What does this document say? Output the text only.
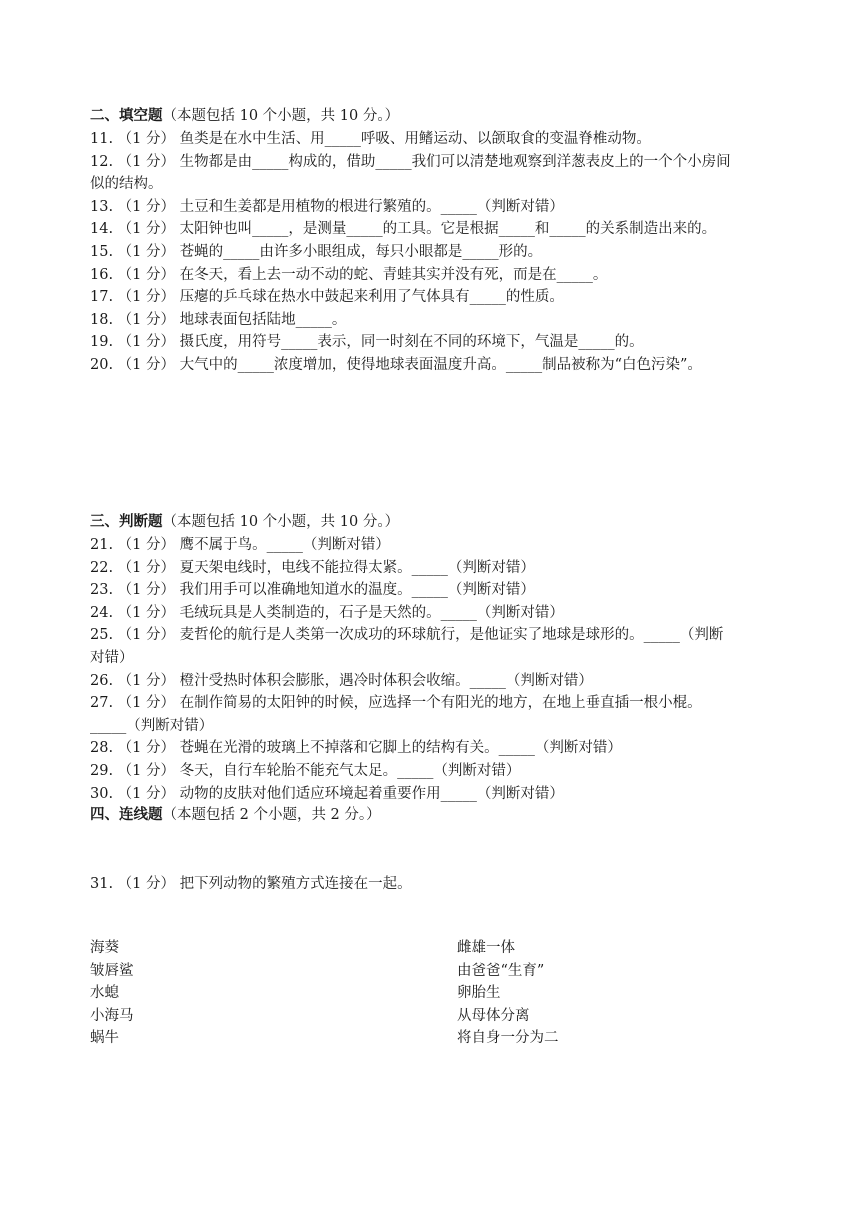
二、填空题（本题包括 10 个小题，共 10 分。）
11. （1 分） 鱼类是在水中生活、用_____呼吸、用鳍运动、以颌取食的变温脊椎动物。
12. （1 分） 生物都是由_____构成的，借助_____我们可以清楚地观察到洋葱表皮上的一个个小房间似的结构。
13. （1 分） 土豆和生姜都是用植物的根进行繁殖的。_____（判断对错）
14. （1 分） 太阳钟也叫_____，是测量_____的工具。它是根据_____和_____的关系制造出来的。
15. （1 分） 苍蝇的_____由许多小眼组成，每只小眼都是_____形的。
16. （1 分） 在冬天，看上去一动不动的蛇、青蛙其实并没有死，而是在_____。
17. （1 分） 压瘪的乒乓球在热水中鼓起来利用了气体具有_____的性质。
18. （1 分） 地球表面包括陆地_____。
19. （1 分） 摄氏度，用符号_____表示，同一时刻在不同的环境下，气温是_____的。
20. （1 分） 大气中的_____浓度增加，使得地球表面温度升高。_____制品被称为“白色污染”。
三、判断题（本题包括 10 个小题，共 10 分。）
21. （1 分） 鹰不属于鸟。_____（判断对错）
22. （1 分） 夏天架电线时，电线不能拉得太紧。_____（判断对错）
23. （1 分） 我们用手可以准确地知道水的温度。_____（判断对错）
24. （1 分） 毛绒玩具是人类制造的，石子是天然的。_____（判断对错）
25. （1 分） 麦哲伦的航行是人类第一次成功的环球航行，是他证实了地球是球形的。_____（判断对错）
26. （1 分） 橙汁受热时体积会膨胀，遇冷时体积会收缩。_____（判断对错）
27. （1 分） 在制作简易的太阳钟的时候，应选择一个有阳光的地方，在地上垂直插一根小棍。_____（判断对错）
28. （1 分） 苍蝇在光滑的玻璃上不掉落和它脚上的结构有关。_____（判断对错）
29. （1 分） 冬天，自行车轮胎不能充气太足。_____（判断对错）
30. （1 分） 动物的皮肤对他们适应环境起着重要作用_____（判断对错）
四、连线题（本题包括 2 个小题，共 2 分。）
31. （1 分） 把下列动物的繁殖方式连接在一起。
海葵
皱唇鲨
水螅
小海马
蜗牛
雌雄一体
由爸爸“生育”
卵胎生
从母体分离
将自身一分为二
